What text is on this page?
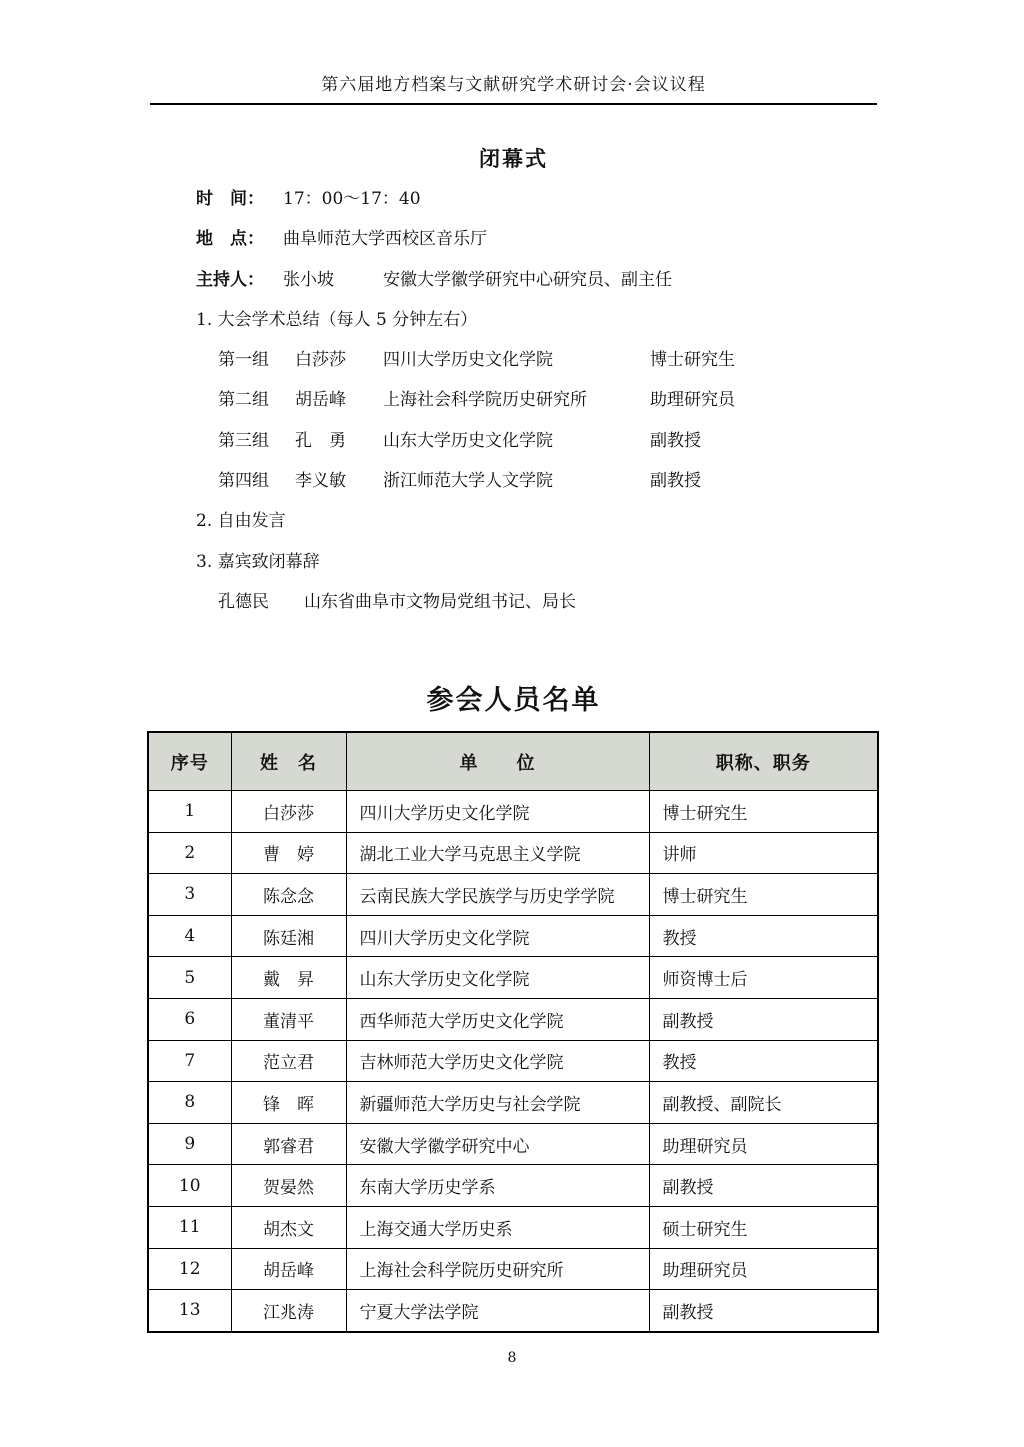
第六届地方档案与文献研究学术研讨会·会议议程
闭幕式
时　间： 17：00～17：40
地　点： 曲阜师范大学西校区音乐厅
主持人： 张小坡	安徽大学徽学研究中心研究员、副主任
1. 大会学术总结（每人 5 分钟左右）
第一组 白莎莎 四川大学历史文化学院	博士研究生
第二组 胡岳峰 上海社会科学院历史研究所	助理研究员
第三组 孔　勇 山东大学历史文化学院	副教授
第四组 李义敏 浙江师范大学人文学院	副教授
2. 自由发言
3. 嘉宾致闭幕辞
孔德民 山东省曲阜市文物局党组书记、局长
参会人员名单
序号	姓　名	单　　位	职称、职务
1	白莎莎	四川大学历史文化学院	博士研究生
2	曹　婷	湖北工业大学马克思主义学院	讲师
3	陈念念	云南民族大学民族学与历史学学院	博士研究生
4	陈廷湘	四川大学历史文化学院	教授
5	戴　昇	山东大学历史文化学院	师资博士后
6	董清平	西华师范大学历史文化学院	副教授
7	范立君	吉林师范大学历史文化学院	教授
8	锋　晖	新疆师范大学历史与社会学院	副教授、副院长
9	郭睿君	安徽大学徽学研究中心	助理研究员
10	贺晏然	东南大学历史学系	副教授
11	胡杰文	上海交通大学历史系	硕士研究生
12	胡岳峰	上海社会科学院历史研究所	助理研究员
13	江兆涛	宁夏大学法学院	副教授
8
